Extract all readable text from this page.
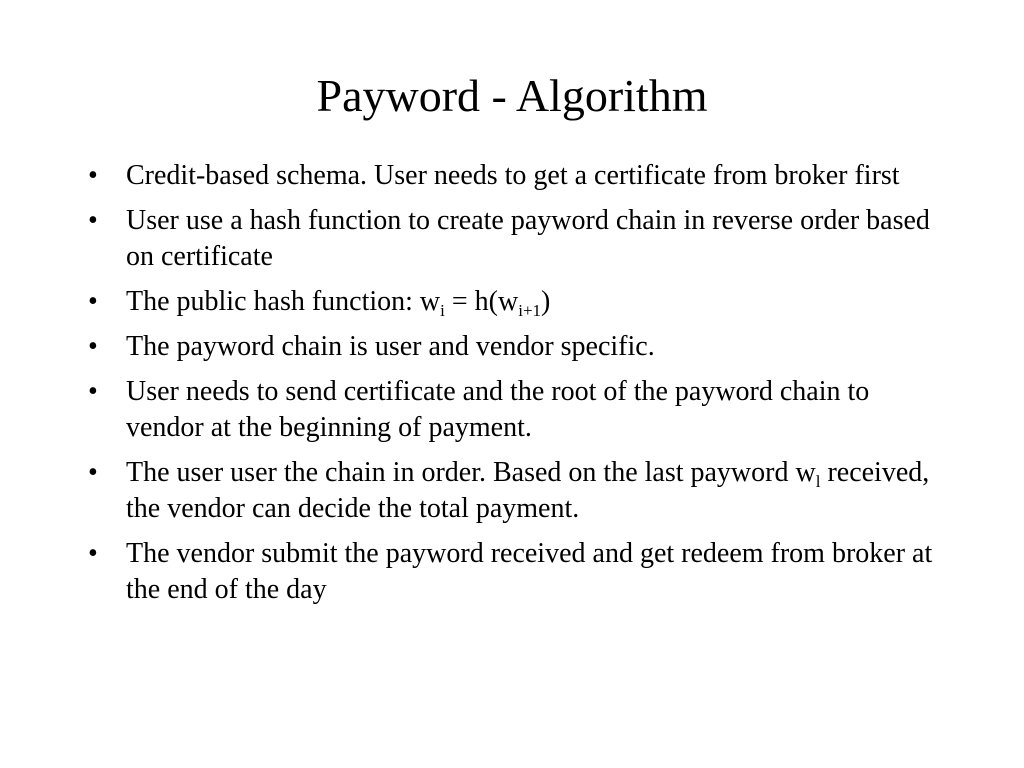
Payword - Algorithm
•	Credit-based schema. User needs to get a certificate from broker first
•	User use a hash function to create payword chain in reverse order based on certificate
•	The public hash function: $w_i = h(w_{i+1})$
•	The payword chain is user and vendor specific.
•	User needs to send certificate and the root of the payword chain to vendor at the beginning of payment.
•	The user user the chain in order. Based on the last payword $w_l$ received, the vendor can decide the total payment.
•	The vendor submit the payword received and get redeem from broker at the end of the day
